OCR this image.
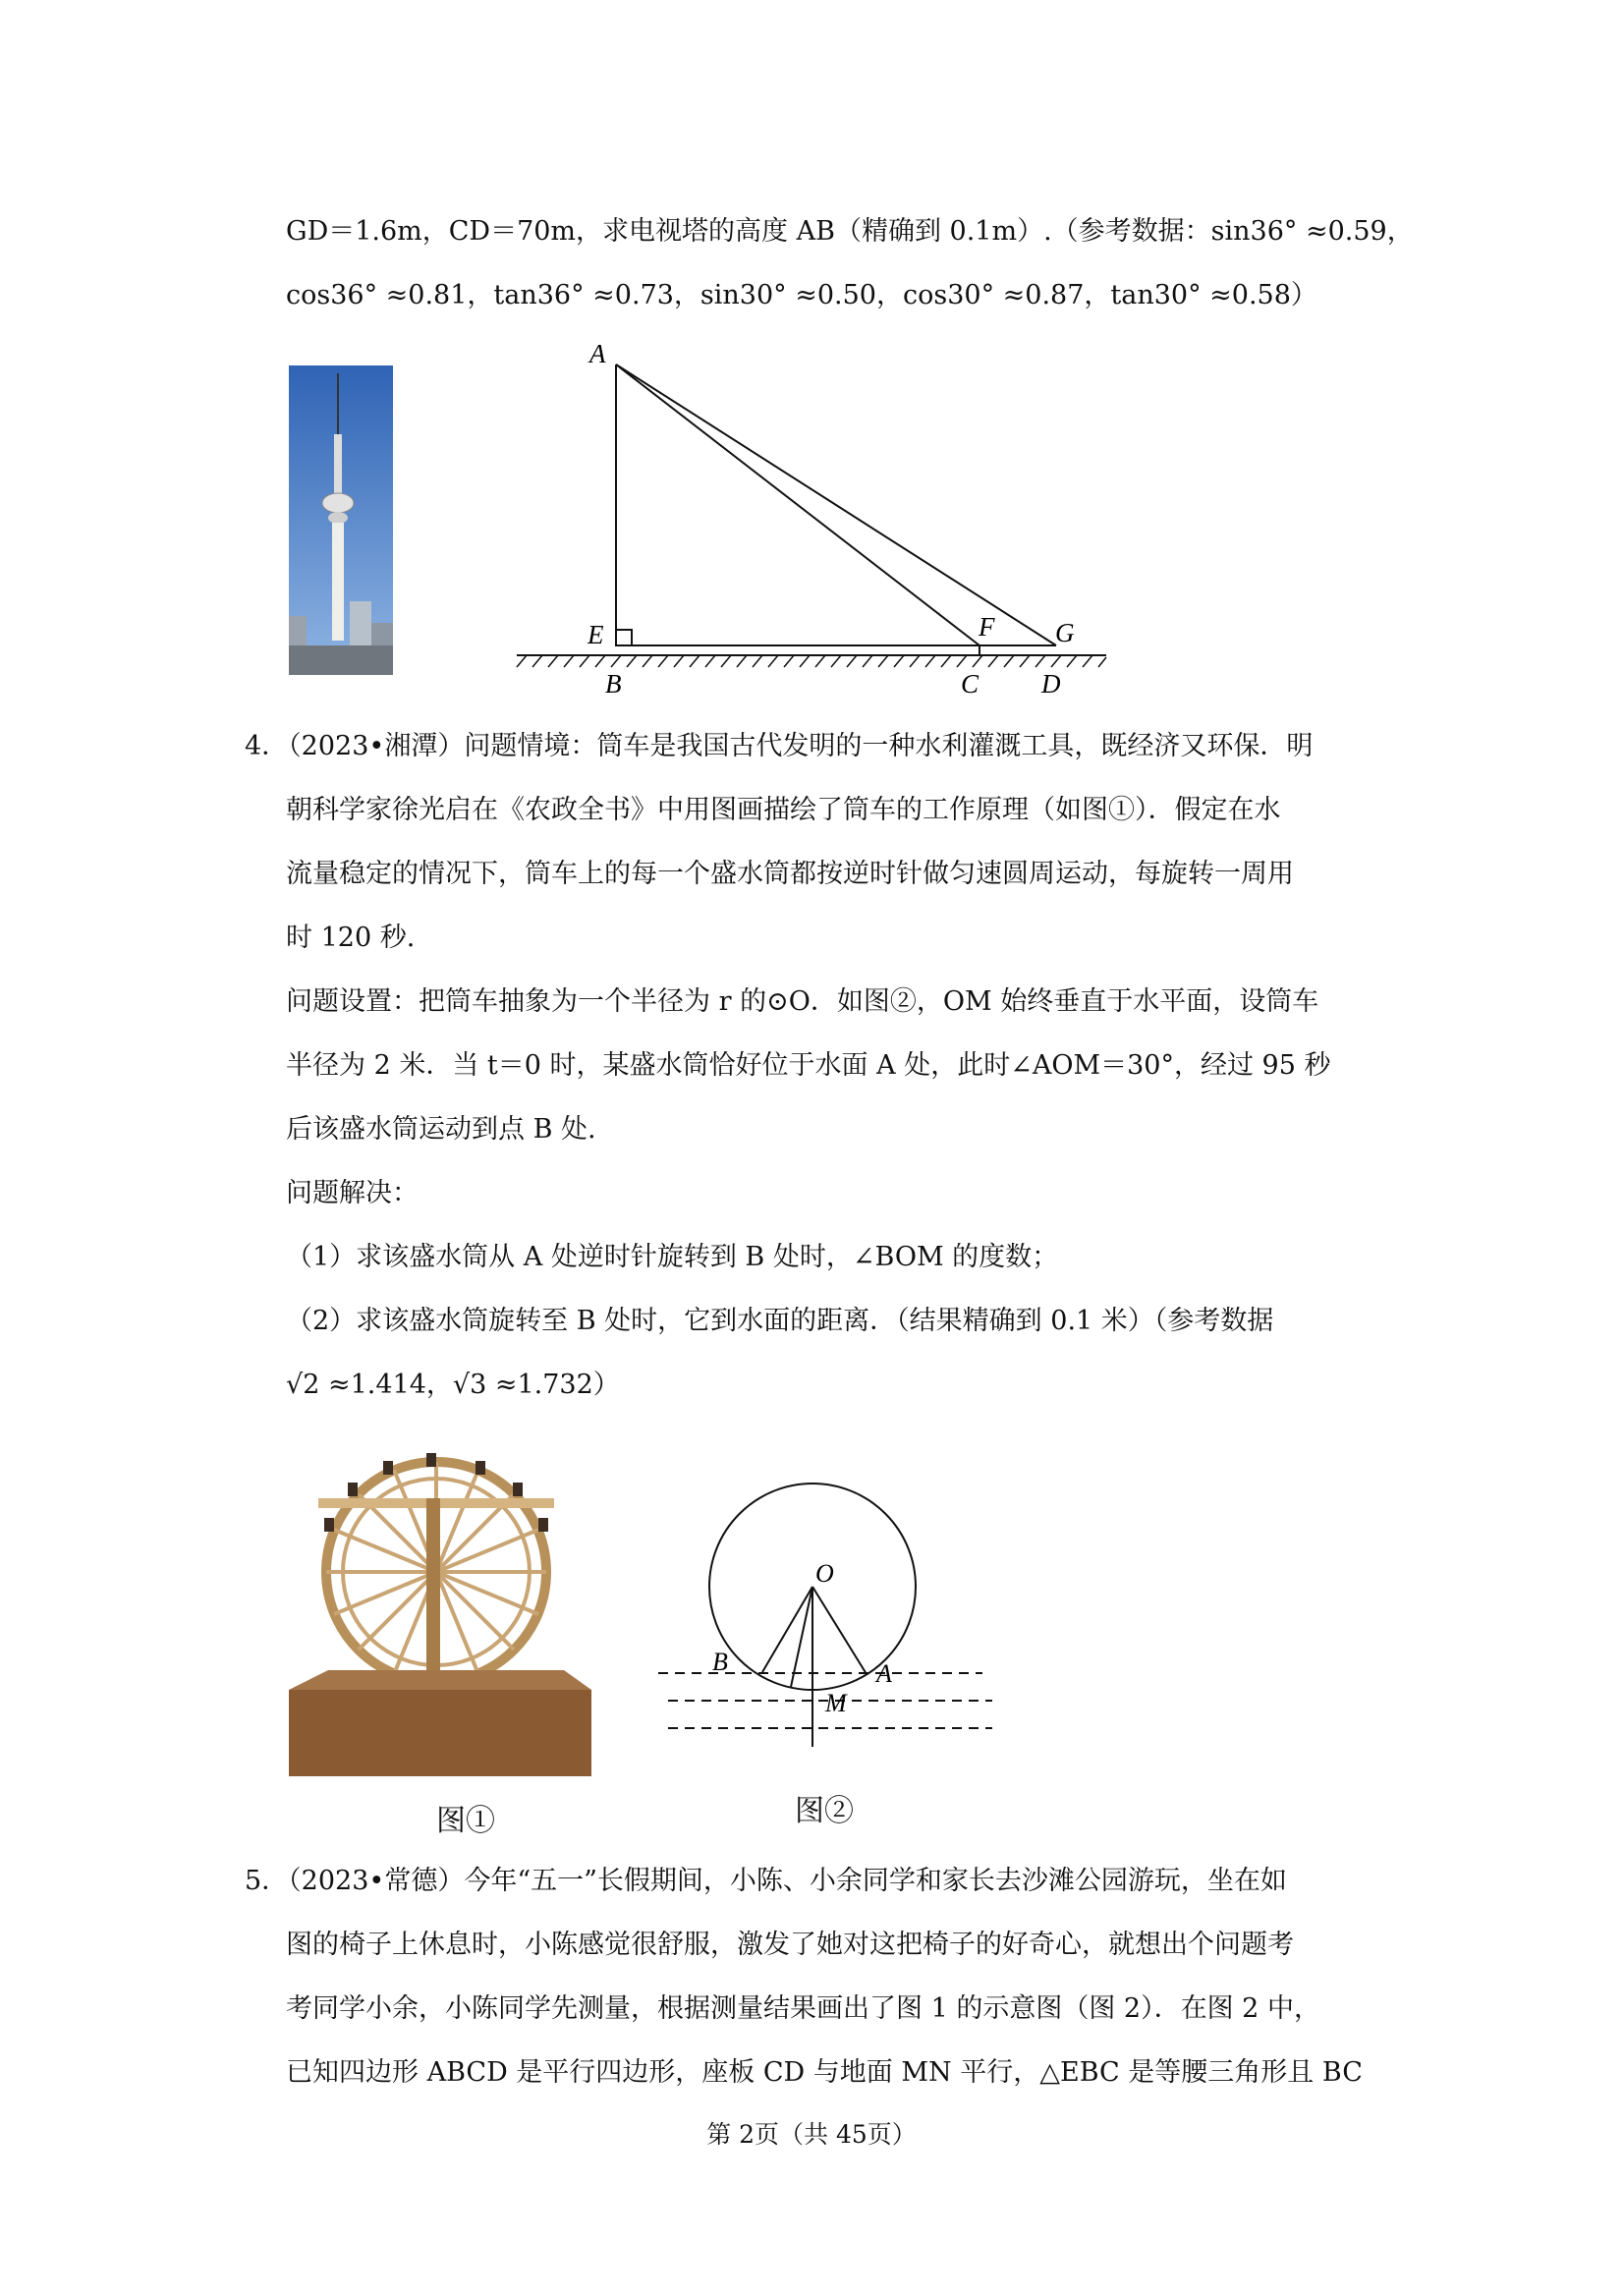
GD＝1.6m，CD＝70m，求电视塔的高度 AB（精确到 0.1m）.（参考数据：sin36° ≈0.59，
cos36° ≈0.81，tan36° ≈0.73，sin30° ≈0.50，cos30° ≈0.87，tan30° ≈0.58）
A
E
B
F
C
G
D
4．（2023•湘潭）问题情境：筒车是我国古代发明的一种水利灌溉工具，既经济又环保．明
朝科学家徐光启在《农政全书》中用图画描绘了筒车的工作原理（如图①）．假定在水
流量稳定的情况下，筒车上的每一个盛水筒都按逆时针做匀速圆周运动，每旋转一周用
时 120 秒.
问题设置：把筒车抽象为一个半径为 r 的⊙O．如图②，OM 始终垂直于水平面，设筒车
半径为 2 米．当 t＝0 时，某盛水筒恰好位于水面 A 处，此时∠AOM＝30°，经过 95 秒
后该盛水筒运动到点 B 处.
问题解决：
（1）求该盛水筒从 A 处逆时针旋转到 B 处时，∠BOM 的度数；
（2）求该盛水筒旋转至 B 处时，它到水面的距离．（结果精确到 0.1 米）（参考数据
√2 ≈1.414，√3 ≈1.732）
O
B	A
M
图①	图②
5．（2023•常德）今年“五一”长假期间，小陈、小余同学和家长去沙滩公园游玩，坐在如
图的椅子上休息时，小陈感觉很舒服，激发了她对这把椅子的好奇心，就想出个问题考
考同学小余，小陈同学先测量，根据测量结果画出了图 1 的示意图（图 2）．在图 2 中，
已知四边形 ABCD 是平行四边形，座板 CD 与地面 MN 平行，△EBC 是等腰三角形且 BC
第 2页（共 45页）
